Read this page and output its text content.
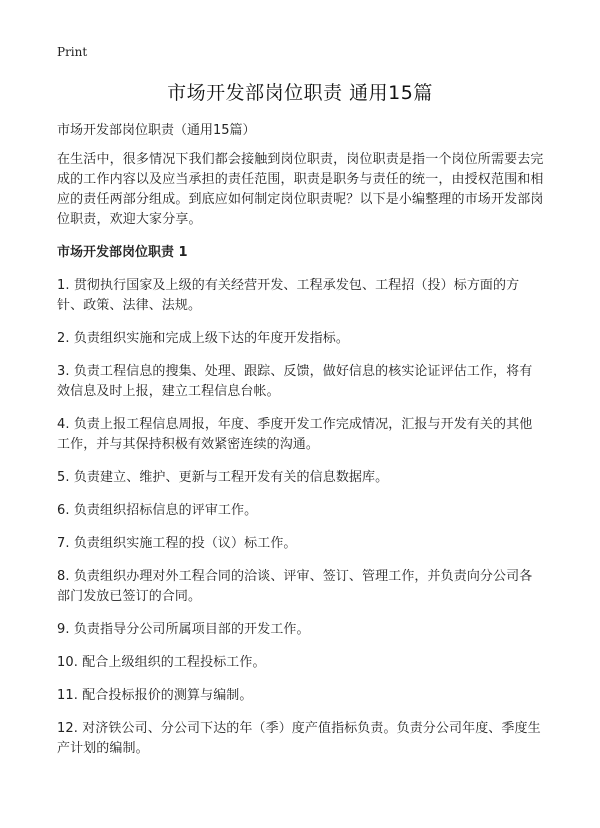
Print
市场开发部岗位职责 通用15篇

市场开发部岗位职责（通用15篇）

在生活中，很多情况下我们都会接触到岗位职责，岗位职责是指一个岗位所需要去完成的工作内容以及应当承担的责任范围，职责是职务与责任的统一，由授权范围和相应的责任两部分组成。到底应如何制定岗位职责呢？以下是小编整理的市场开发部岗位职责，欢迎大家分享。

市场开发部岗位职责 1
1. 贯彻执行国家及上级的有关经营开发、工程承发包、工程招（投）标方面的方针、政策、法律、法规。
2. 负责组织实施和完成上级下达的年度开发指标。
3. 负责工程信息的搜集、处理、跟踪、反馈，做好信息的核实论证评估工作，将有效信息及时上报，建立工程信息台帐。
4. 负责上报工程信息周报，年度、季度开发工作完成情况，汇报与开发有关的其他工作，并与其保持积极有效紧密连续的沟通。
5. 负责建立、维护、更新与工程开发有关的信息数据库。
6. 负责组织招标信息的评审工作。
7. 负责组织实施工程的投（议）标工作。
8. 负责组织办理对外工程合同的洽谈、评审、签订、管理工作，并负责向分公司各部门发放已签订的合同。
9. 负责指导分公司所属项目部的开发工作。
10. 配合上级组织的工程投标工作。
11. 配合投标报价的测算与编制。
12. 对济铁公司、分公司下达的年（季）度产值指标负责。负责分公司年度、季度生产计划的编制。
